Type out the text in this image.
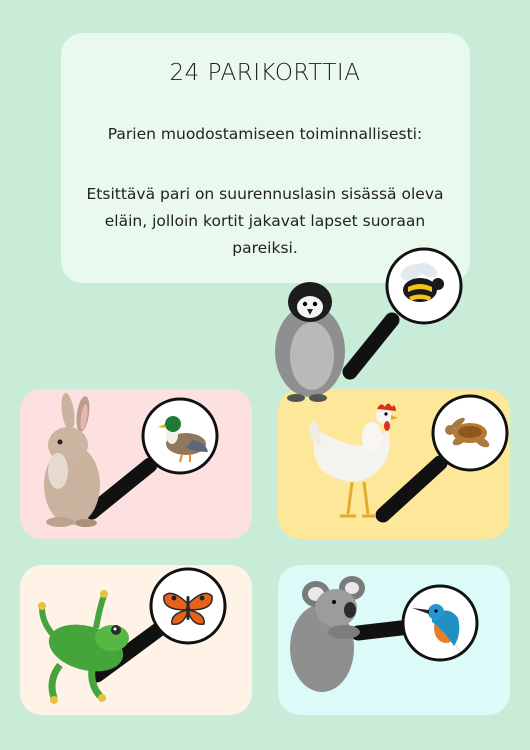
24 PARIKORTTIA
Parien muodostamiseen toiminnallisesti:
Etsittävä pari on suurennuslasin sisässä oleva eläin, jolloin kortit jakavat lapset suoraan pareiksi.
